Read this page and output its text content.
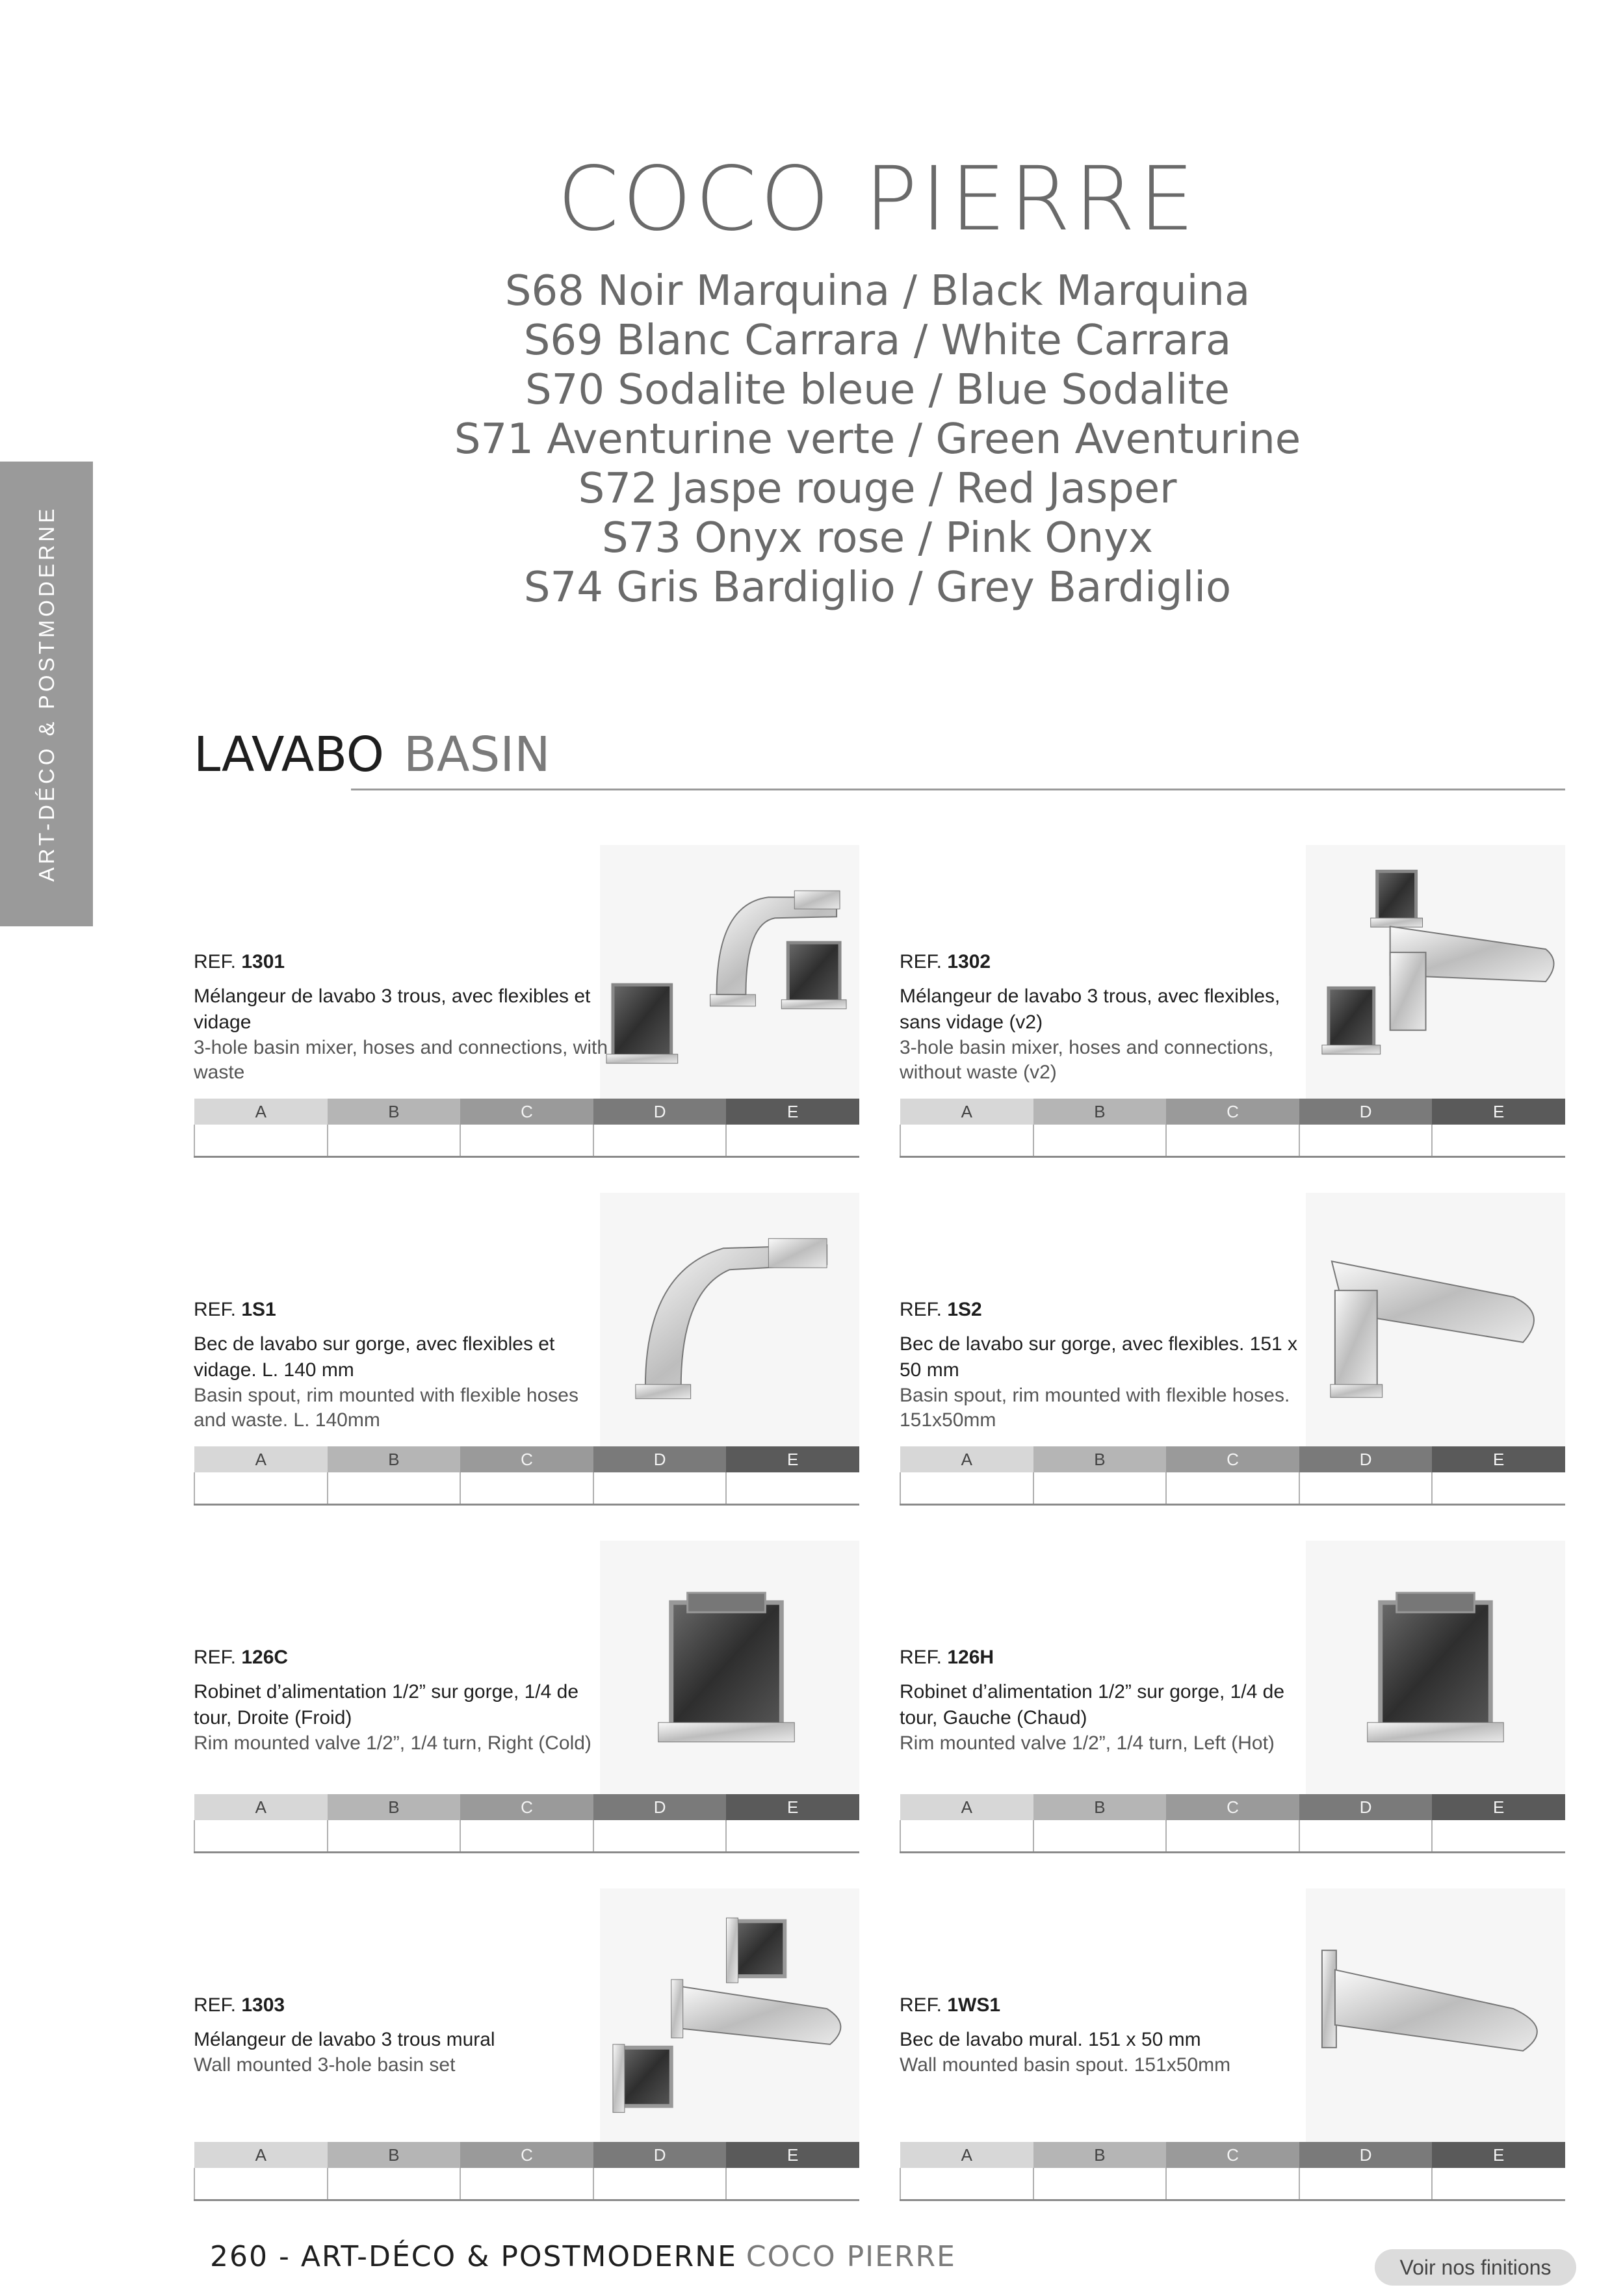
COCO PIERRE
S68 Noir Marquina / Black Marquina
S69 Blanc Carrara / White Carrara
S70 Sodalite bleue / Blue Sodalite
S71 Aventurine verte / Green Aventurine
S72 Jaspe rouge / Red Jasper
S73 Onyx rose / Pink Onyx
S74 Gris Bardiglio / Grey Bardiglio
ART-DÉCO & POSTMODERNE	LAVABO BASIN
REF. 1301

Mélangeur de lavabo 3 trous, avec flexibles et vidage

3-hole basin mixer, hoses and connections, with waste

A	B	C	D	E

REF. 1302

Mélangeur de lavabo 3 trous, avec flexibles, sans vidage (v2)

3-hole basin mixer, hoses and connections, without waste (v2)

A	B	C	D	E

REF. 1S1

Bec de lavabo sur gorge, avec flexibles et vidage. L. 140 mm

Basin spout, rim mounted with flexible hoses and waste. L. 140mm

A	B	C	D	E

REF. 1S2

Bec de lavabo sur gorge, avec flexibles. 151 x 50 mm

Basin spout, rim mounted with flexible hoses. 151x50mm

A	B	C	D	E

REF. 126C

Robinet d’alimentation 1/2” sur gorge, 1/4 de tour, Droite (Froid)

Rim mounted valve 1/2”, 1/4 turn, Right (Cold)

A	B	C	D	E

REF. 126H

Robinet d’alimentation 1/2” sur gorge, 1/4 de tour, Gauche (Chaud)

Rim mounted valve 1/2”, 1/4 turn, Left (Hot)

A	B	C	D	E

REF. 1303

Mélangeur de lavabo 3 trous mural

Wall mounted 3-hole basin set

A	B	C	D	E

REF. 1WS1

Bec de lavabo mural. 151 x 50 mm

Wall mounted basin spout. 151x50mm

A	B	C	D	E

260 - ART-DÉCO & POSTMODERNE COCO PIERRE	Voir nos finitions
